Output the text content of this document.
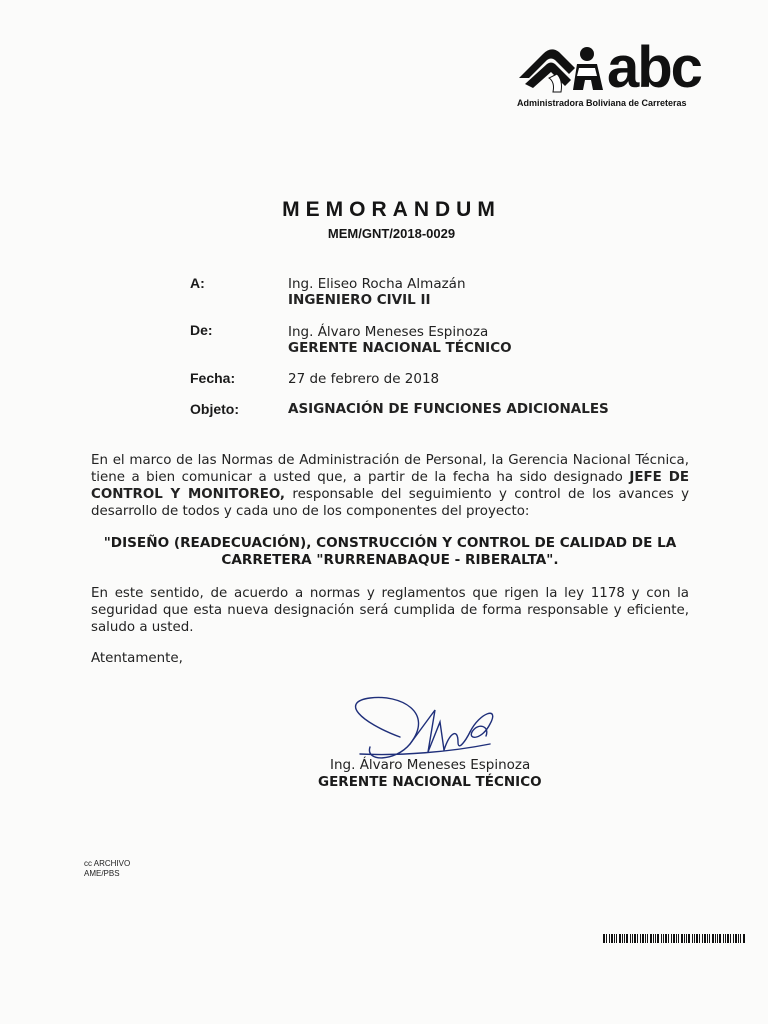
abc
Administradora Boliviana de Carreteras
MEMORANDUM
MEM/GNT/2018-0029
A:	Ing. Eliseo Rocha Almazán
INGENIERO CIVIL II
De:	Ing. Álvaro Meneses Espinoza
GERENTE NACIONAL TÉCNICO
Fecha:	27 de febrero de 2018
Objeto:	ASIGNACIÓN DE FUNCIONES ADICIONALES
En el marco de las Normas de Administración de Personal, la Gerencia Nacional Técnica, tiene a bien comunicar a usted que, a partir de la fecha ha sido designado JEFE DE CONTROL Y MONITOREO, responsable del seguimiento y control de los avances y desarrollo de todos y cada uno de los componentes del proyecto:
"DISEÑO (READECUACIÓN), CONSTRUCCIÓN Y CONTROL DE CALIDAD DE LA
CARRETERA "RURRENABAQUE - RIBERALTA".
En este sentido, de acuerdo a normas y reglamentos que rigen la ley 1178 y con la seguridad que esta nueva designación será cumplida de forma responsable y eficiente, saludo a usted.
Atentamente,
Ing. Álvaro Meneses Espinoza
GERENTE NACIONAL TÉCNICO
cc ARCHIVO
AME/PBS
